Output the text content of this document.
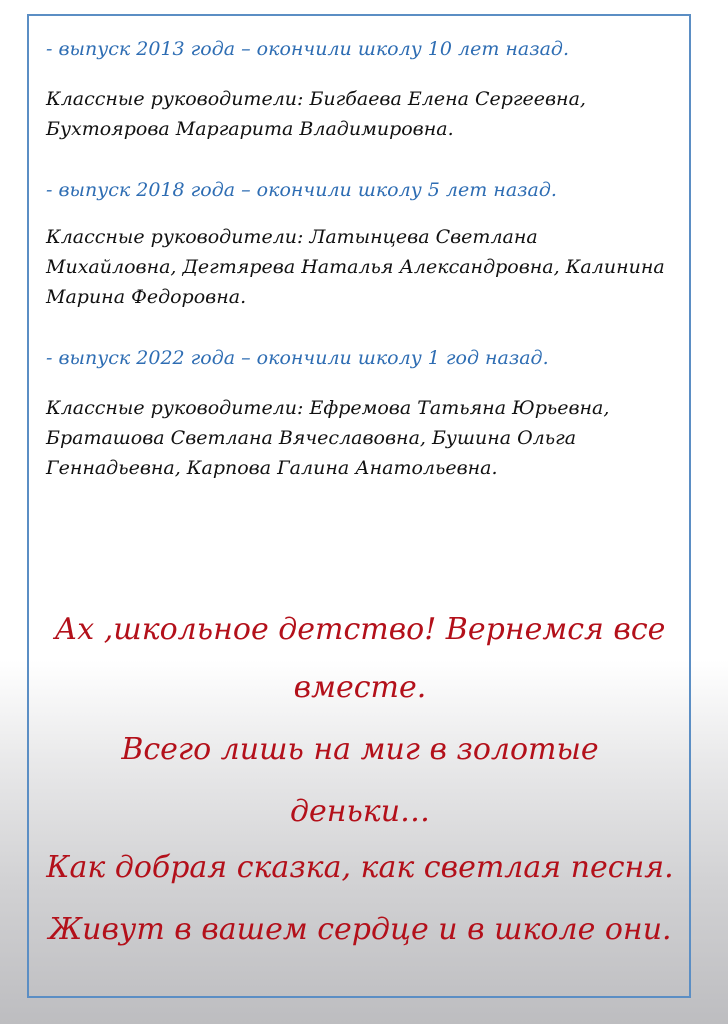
- выпуск 2013 года – окончили школу 10 лет назад.

Классные руководители: Бигбаева Елена Сергеевна, Бухтоярова Маргарита Владимировна.

- выпуск 2018 года – окончили школу 5 лет назад.

Классные руководители: Латынцева Светлана Михайловна, Дегтярева Наталья Александровна, Калинина Марина Федоровна.

- выпуск 2022 года – окончили школу 1 год назад.

Классные руководители: Ефремова Татьяна Юрьевна, Браташова Светлана Вячеславовна, Бушина Ольга Геннадьевна, Карпова Галина Анатольевна.

Ах ,школьное детство! Вернемся все

вместе.

Всего лишь на миг в золотые

деньки…

Как добрая сказка, как светлая песня.

Живут в вашем сердце и в школе они.
